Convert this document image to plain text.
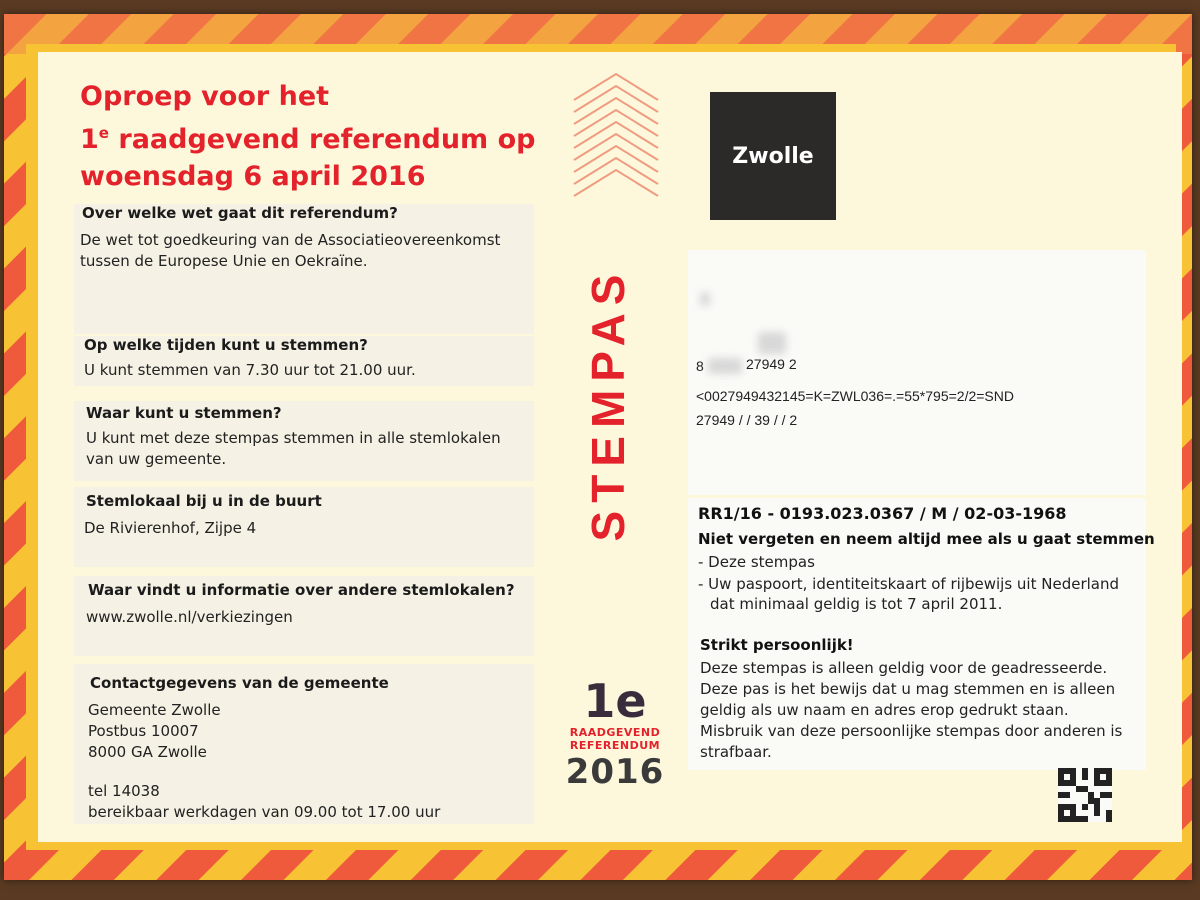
Oproep voor het
1e raadgevend referendum op
woensdag 6 april 2016
Over welke wet gaat dit referendum?
De wet tot goedkeuring van de Associatieovereenkomst
tussen de Europese Unie en Oekraïne.
Op welke tijden kunt u stemmen?
U kunt stemmen van 7.30 uur tot 21.00 uur.
Waar kunt u stemmen?
U kunt met deze stempas stemmen in alle stemlokalen
van uw gemeente.
Stemlokaal bij u in de buurt
De Rivierenhof, Zijpe 4
Waar vindt u informatie over andere stemlokalen?
www.zwolle.nl/verkiezingen
Contactgegevens van de gemeente
Gemeente Zwolle
Postbus 10007
8000 GA Zwolle
tel 14038
bereikbaar werkdagen van 09.00 tot 17.00 uur
STEMPAS
1e
RAADGEVEND
REFERENDUM
2016
Zwolle
8	27949 2
<0027949432145=K=ZWL036=.=55*795=2/2=SND
27949 / / 39 / / 2
RR1/16 - 0193.023.0367 / M / 02-03-1968
Niet vergeten en neem altijd mee als u gaat stemmen
- Deze stempas
- Uw paspoort, identiteitskaart of rijbewijs uit Nederland
dat minimaal geldig is tot 7 april 2011.
Strikt persoonlijk!
Deze stempas is alleen geldig voor de geadresseerde.
Deze pas is het bewijs dat u mag stemmen en is alleen
geldig als uw naam en adres erop gedrukt staan.
Misbruik van deze persoonlijke stempas door anderen is
strafbaar.
